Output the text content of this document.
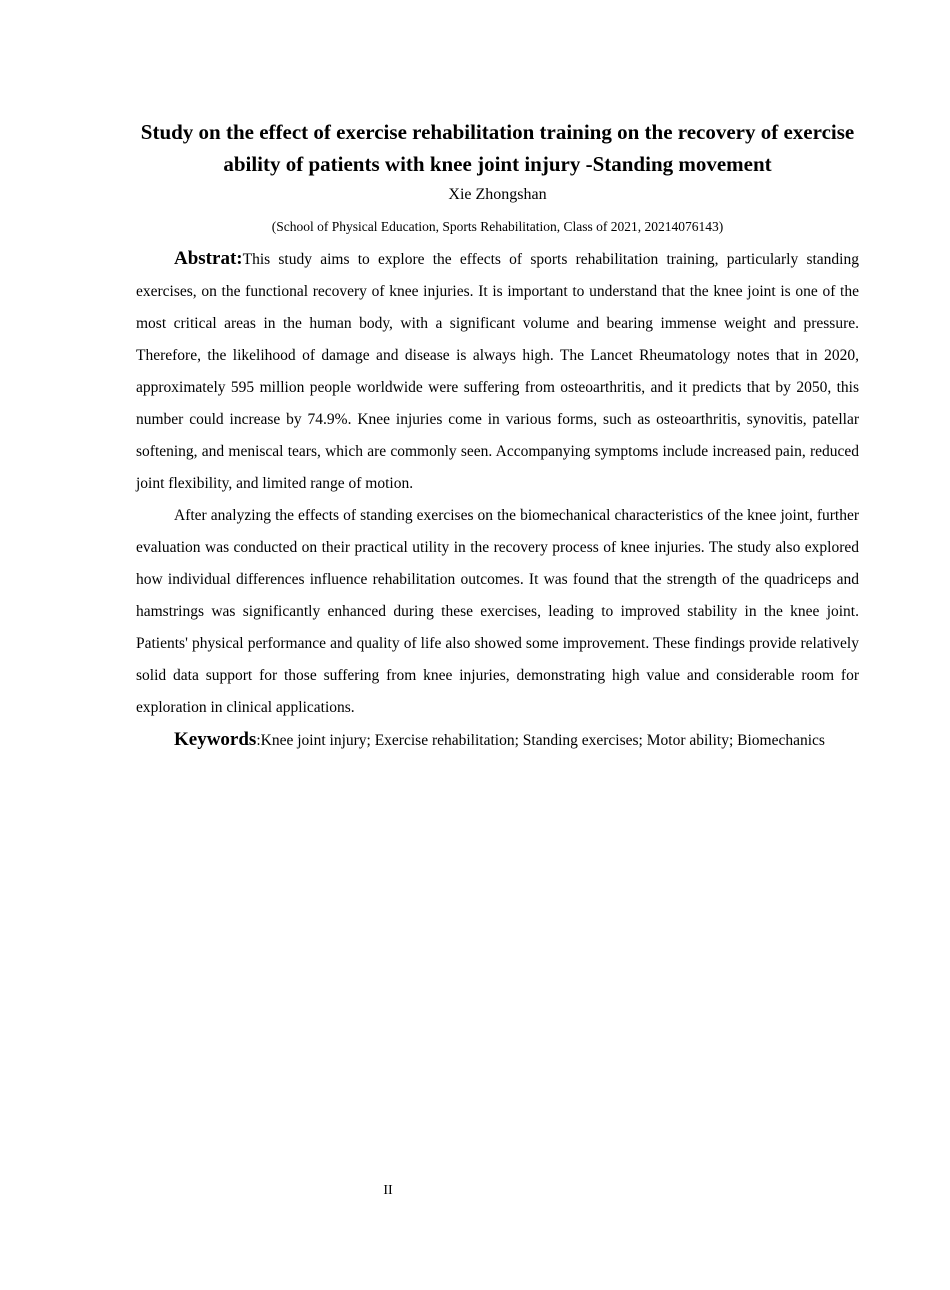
Study on the effect of exercise rehabilitation training on the recovery of exercise ability of patients with knee joint injury -Standing movement

Xie Zhongshan

(School of Physical Education, Sports Rehabilitation, Class of 2021, 20214076143)

Abstrat:This study aims to explore the effects of sports rehabilitation training, particularly standing exercises, on the functional recovery of knee injuries. It is important to understand that the knee joint is one of the most critical areas in the human body, with a significant volume and bearing immense weight and pressure. Therefore, the likelihood of damage and disease is always high. The Lancet Rheumatology notes that in 2020, approximately 595 million people worldwide were suffering from osteoarthritis, and it predicts that by 2050, this number could increase by 74.9%. Knee injuries come in various forms, such as osteoarthritis, synovitis, patellar softening, and meniscal tears, which are commonly seen. Accompanying symptoms include increased pain, reduced joint flexibility, and limited range of motion.

After analyzing the effects of standing exercises on the biomechanical characteristics of the knee joint, further evaluation was conducted on their practical utility in the recovery process of knee injuries. The study also explored how individual differences influence rehabilitation outcomes. It was found that the strength of the quadriceps and hamstrings was significantly enhanced during these exercises, leading to improved stability in the knee joint. Patients' physical performance and quality of life also showed some improvement. These findings provide relatively solid data support for those suffering from knee injuries, demonstrating high value and considerable room for exploration in clinical applications.

Keywords:Knee joint injury; Exercise rehabilitation; Standing exercises; Motor ability; Biomechanics

II
